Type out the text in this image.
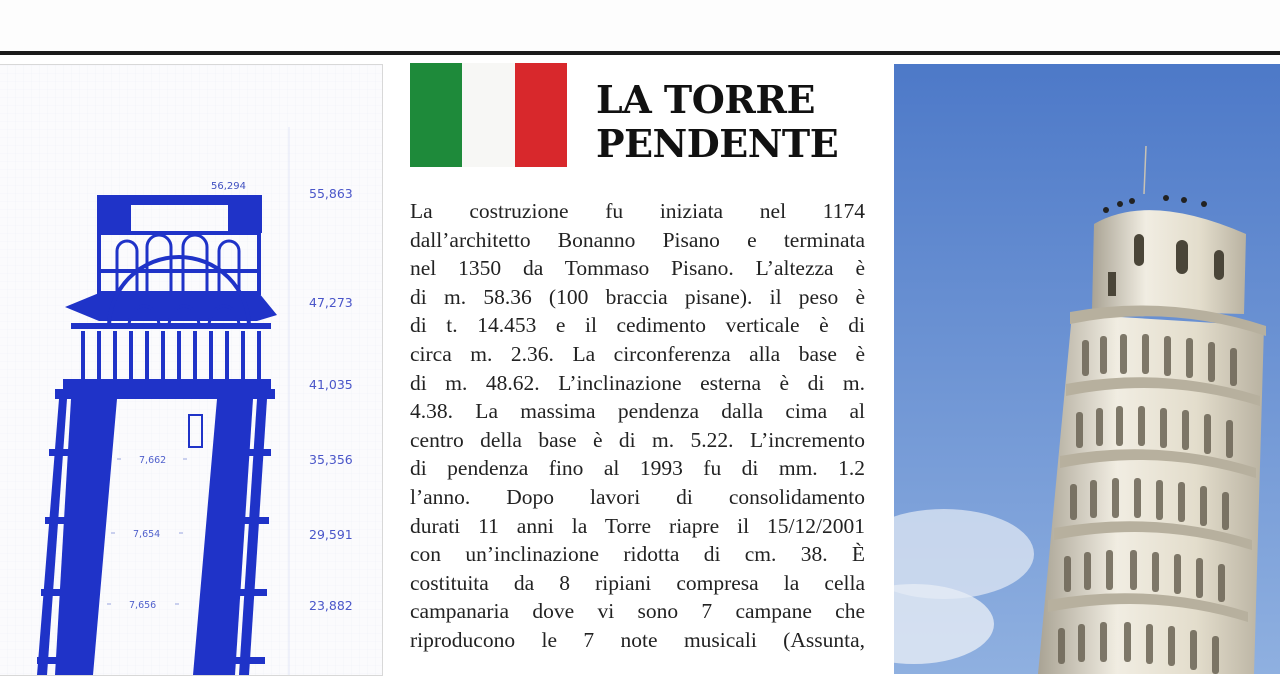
56,294	55,863
47,273
41,035
35,356
29,591
23,882
7,662
7,654
7,656
LA TORRE
PENDENTE
La costruzione fu iniziata nel 1174
dall’architetto Bonanno Pisano e terminata
nel 1350 da Tommaso Pisano. L’altezza è
di m. 58.36 (100 braccia pisane). il peso è
di t. 14.453 e il cedimento verticale è di
circa m. 2.36. La circonferenza alla base è
di m. 48.62. L’inclinazione esterna è di m.
4.38. La massima pendenza dalla cima al
centro della base è di m. 5.22. L’incremento
di pendenza fino al 1993 fu di mm. 1.2
l’anno. Dopo lavori di consolidamento
durati 11 anni la Torre riapre il 15/12/2001
con un’inclinazione ridotta di cm. 38. È
costituita da 8 ripiani compresa la cella
campanaria dove vi sono 7 campane che
riproducono le 7 note musicali (Assunta,
